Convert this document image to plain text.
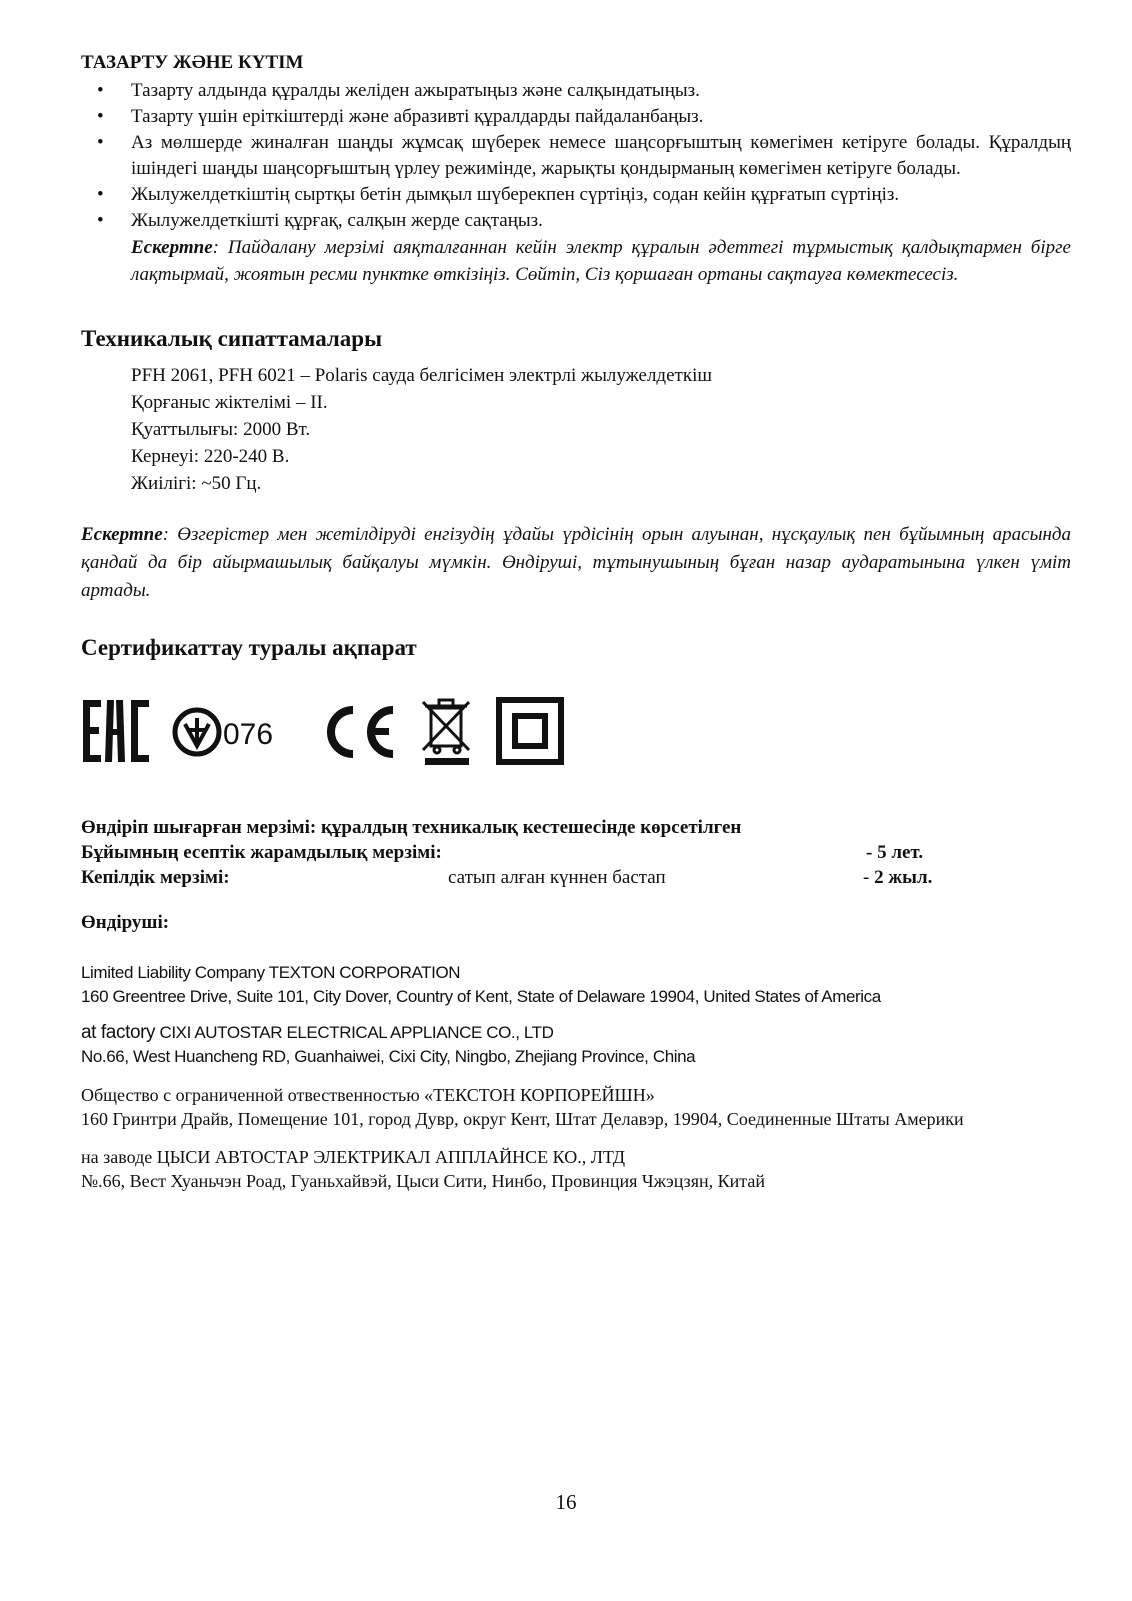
ТАЗАРТУ ЖӘНЕ КҮТІМ
• Тазарту алдында құралды желіден ажыратыңыз және салқындатыңыз.
• Тазарту үшін еріткіштерді және абразивті құралдарды пайдаланбаңыз.
• Аз мөлшерде жиналған шаңды жұмсақ шүберек немесе шаңсорғыштың көмегімен кетіруге болады. Құралдың ішіндегі шаңды шаңсорғыштың үрлеу режимінде, жарықты қондырманың көмегімен кетіруге болады.
• Жылужелдеткіштің сыртқы бетін дымқыл шүберекпен сүртіңіз, содан кейін құрғатып сүртіңіз.
• Жылужелдеткішті құрғақ, салқын жерде сақтаңыз.
Ескертпе: Пайдалану мерзімі аяқталғаннан кейін электр құралын әдеттегі тұрмыстық қалдықтармен бірге лақтырмай, жоятын ресми пунктке өткізіңіз. Сөйтіп, Сіз қоршаған ортаны сақтауға көмектесесіз.
Техникалық сипаттамалары
PFH 2061, PFH 6021 – Polaris сауда белгісімен электрлі жылужелдеткіш
Қорғаныс жіктелімі – II.
Қуаттылығы: 2000 Вт.
Кернеуі: 220-240 В.
Жиілігі: ~50 Гц.
Ескертпе: Өзгерістер мен жетілдіруді енгізудің ұдайы үрдісінің орын алуынан, нұсқаулық пен бұйымның арасында қандай да бір айырмашылық байқалуы мүмкін. Өндіруші, тұтынушының бұған назар аударатынына үлкен үміт артады.
Сертификаттау туралы ақпарат
076
Өндіріп шығарған мерзімі: құралдың техникалық кестешесінде көрсетілген
Бұйымның есептік жарамдылық мерзімі:	- 5 лет.
Кепілдік мерзімі:	сатып алған күннен бастап	- 2 жыл.
Өндіруші:
Limited Liability Company TEXTON CORPORATION
160 Greentree Drive, Suite 101, City Dover, Country of Kent, State of Delaware 19904, United States of America
at factory CIXI AUTOSTAR ELECTRICAL APPLIANCE CO., LTD
No.66, West Huancheng RD, Guanhaiwei, Cixi City, Ningbo, Zhejiang Province, China
Общество с ограниченной отвественностью «ТЕКСТОН КОРПОРЕЙШН»
160 Гринтри Драйв, Помещение 101, город Дувр, округ Кент, Штат Делавэр, 19904, Соединенные Штаты Америки
на заводе ЦЫСИ АВТОСТАР ЭЛЕКТРИКАЛ АППЛАЙНСЕ КО., ЛТД
№.66, Вест Хуаньчэн Роад, Гуаньхайвэй, Цыси Сити, Нинбо, Провинция Чжэцзян, Китай
16
